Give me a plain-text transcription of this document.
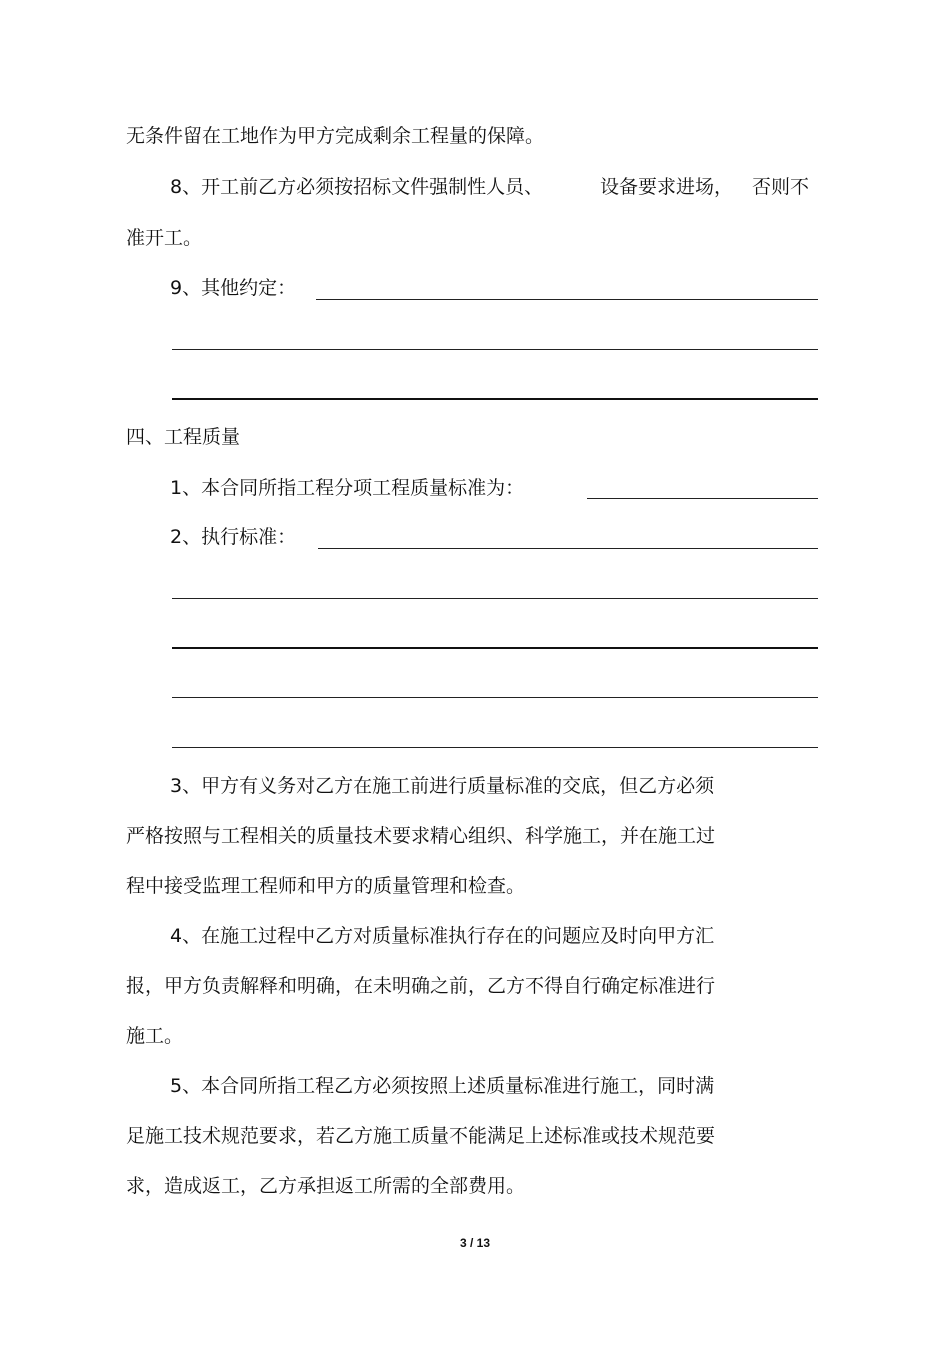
无条件留在工地作为甲方完成剩余工程量的保障。
8、开工前乙方必须按招标文件强制性人员、	设备要求进场， 否则不
准开工。
9、其他约定：
四、工程质量
1、本合同所指工程分项工程质量标准为：
2、执行标准：
3、甲方有义务对乙方在施工前进行质量标准的交底，但乙方必须
严格按照与工程相关的质量技术要求精心组织、科学施工，并在施工过
程中接受监理工程师和甲方的质量管理和检查。
4、在施工过程中乙方对质量标准执行存在的问题应及时向甲方汇
报，甲方负责解释和明确，在未明确之前，乙方不得自行确定标准进行
施工。
5、本合同所指工程乙方必须按照上述质量标准进行施工，同时满
足施工技术规范要求，若乙方施工质量不能满足上述标准或技术规范要
求，造成返工，乙方承担返工所需的全部费用。
3 / 13
